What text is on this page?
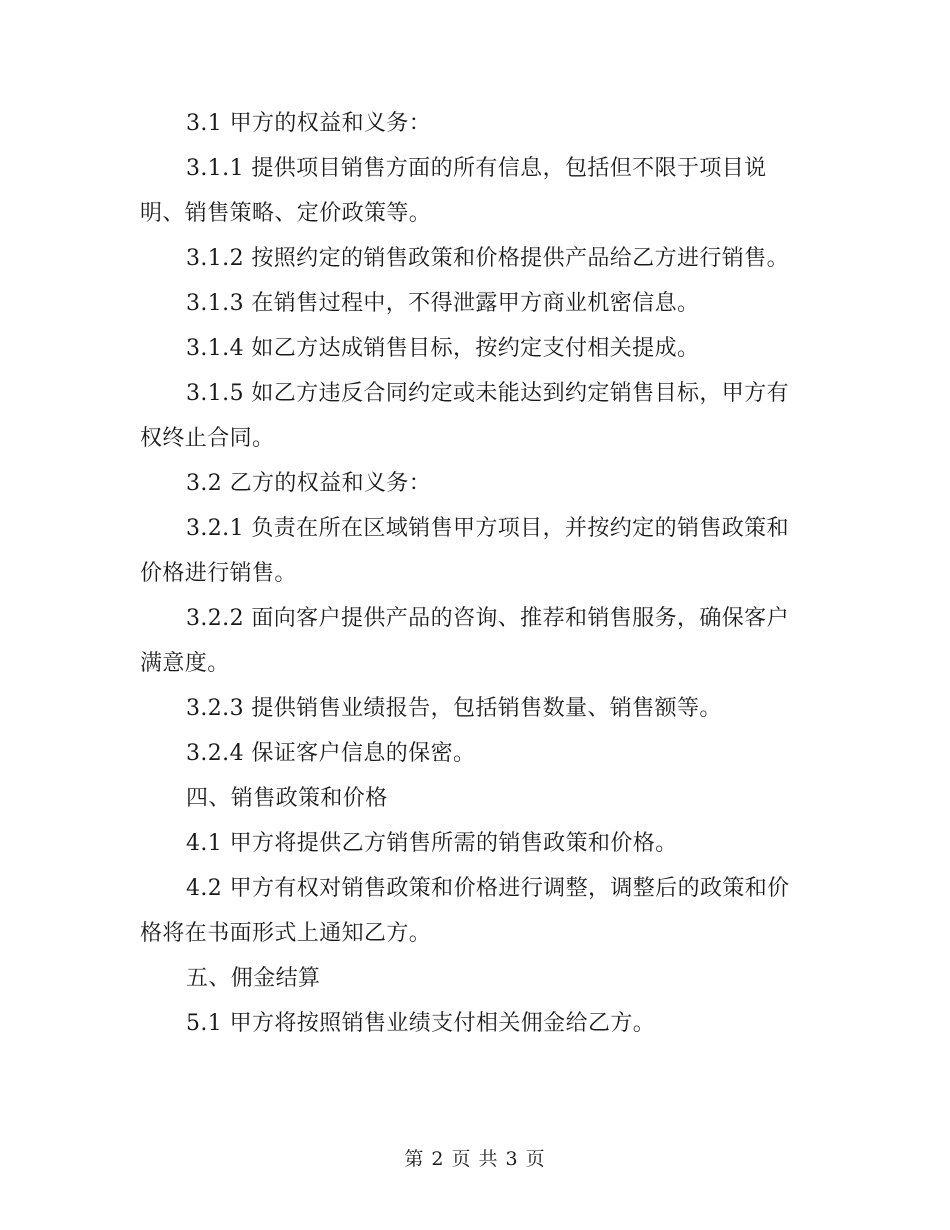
3.1 甲方的权益和义务：

3.1.1 提供项目销售方面的所有信息，包括但不限于项目说明、销售策略、定价政策等。

3.1.2 按照约定的销售政策和价格提供产品给乙方进行销售。

3.1.3 在销售过程中，不得泄露甲方商业机密信息。

3.1.4 如乙方达成销售目标，按约定支付相关提成。

3.1.5 如乙方违反合同约定或未能达到约定销售目标，甲方有权终止合同。

3.2 乙方的权益和义务：

3.2.1 负责在所在区域销售甲方项目，并按约定的销售政策和价格进行销售。

3.2.2 面向客户提供产品的咨询、推荐和销售服务，确保客户满意度。

3.2.3 提供销售业绩报告，包括销售数量、销售额等。

3.2.4 保证客户信息的保密。

四、销售政策和价格

4.1 甲方将提供乙方销售所需的销售政策和价格。

4.2 甲方有权对销售政策和价格进行调整，调整后的政策和价格将在书面形式上通知乙方。

五、佣金结算

5.1 甲方将按照销售业绩支付相关佣金给乙方。

第 2 页 共 3 页
